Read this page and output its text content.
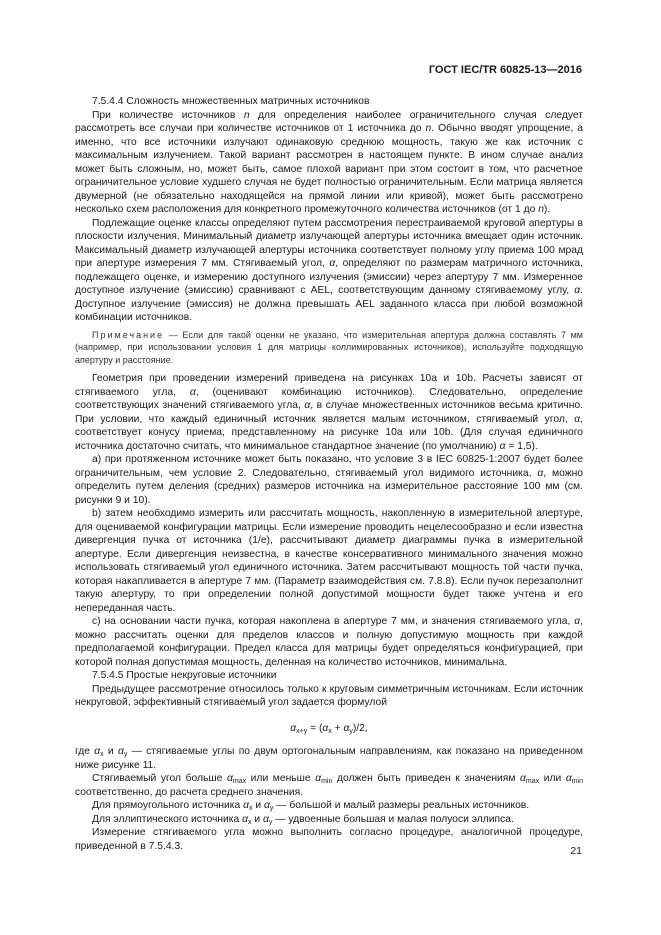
ГОСТ IEC/TR 60825-13—2016

7.5.4.4 Сложность множественных матричных источников

При количестве источников n для определения наиболее ограничительного случая следует рассмотреть все случаи при количестве источников от 1 источника до n. Обычно вводят упрощение, а именно, что все источники излучают одинаковую среднюю мощность, такую же как источник с максимальным излучением. Такой вариант рассмотрен в настоящем пункте. В ином случае анализ может быть сложным, но, может быть, самое плохой вариант при этом состоит в том, что расчетное ограничительное условие худшего случая не будет полностью ограничительным. Если матрица является двумерной (не обязательно находящейся на прямой линии или кривой), может быть рассмотрено несколько схем расположения для конкретного промежуточного количества источников (от 1 до n).

Подлежащие оценке классы определяют путем рассмотрения перестраиваемой круговой апертуры в плоскости излучения. Минимальный диаметр излучающей апертуры источника вмещает один источник. Максимальный диаметр излучающей апертуры источника соответствует полному углу приема 100 мрад при апертуре измерения 7 мм. Стягиваемый угол, α, определяют по размерам матричного источника, подлежащего оценке, и измерению доступного излучения (эмиссии) через апертуру 7 мм. Измеренное доступное излучение (эмиссию) сравнивают с AEL, соответствующим данному стягиваемому углу, α. Доступное излучение (эмиссия) не должна превышать AEL заданного класса при любой возможной комбинации источников.

Примечание — Если для такой оценки не указано, что измерительная апертура должна составлять 7 мм (например, при использовании условия 1 для матрицы коллимированных источников), используйте подходящую апертуру и расстояние.

Геометрия при проведении измерений приведена на рисунках 10a и 10b. Расчеты зависят от стягиваемого угла, α, (оценивают комбинацию источников). Следовательно, определение соответствующих значений стягиваемого угла, α, в случае множественных источников весьма критично. При условии, что каждый единичный источник является малым источником, стягиваемый угол, α, соответствует конусу приема, представленному на рисунке 10a или 10b. (Для случая единичного источника достаточно считать, что минимальное стандартное значение (по умолчанию) α = 1,5).

a) при протяженном источнике может быть показано, что условие 3 в IEC 60825-1:2007 будет более ограничительным, чем условие 2. Следовательно, стягиваемый угол видимого источника, α, можно определить путем деления (средних) размеров источника на измерительное расстояние 100 мм (см. рисунки 9 и 10).

b) затем необходимо измерить или рассчитать мощность, накопленную в измерительной апертуре, для оцениваемой конфигурации матрицы. Если измерение проводить нецелесообразно и если известна дивергенция пучка от источника (1/e), рассчитывают диаметр диаграммы пучка в измерительной апертуре. Если дивергенция неизвестна, в качестве консервативного минимального значения можно использовать стягиваемый угол единичного источника. Затем рассчитывают мощность той части пучка, которая накапливается в апертуре 7 мм. (Параметр взаимодействия см. 7.8.8). Если пучок перезаполнит такую апертуру, то при определении полной допустимой мощности будет также учтена и его непереданная часть.

c) на основании части пучка, которая накоплена в апертуре 7 мм, и значения стягиваемого угла, α, можно рассчитать оценки для пределов классов и полную допустимую мощность при каждой предполагаемой конфигурации. Предел класса для матрицы будет определяться конфигурацией, при которой полная допустимая мощность, деленная на количество источников, минимальна.

7.5.4.5 Простые некруговые источники

Предыдущее рассмотрение относилось только к круговым симметричным источникам. Если источник некруговой, эффективный стягиваемый угол задается формулой

$\alpha_{x+y} = (\alpha_x + \alpha_y)/2$,

где $\alpha_x$ и $\alpha_y$ — стягиваемые углы по двум ортогональным направлениям, как показано на приведенном ниже рисунке 11.

Стягиваемый угол больше $\alpha_{max}$ или меньше $\alpha_{min}$ должен быть приведен к значениям $\alpha_{max}$ или $\alpha_{min}$ соответственно, до расчета среднего значения.

Для прямоугольного источника $\alpha_x$ и $\alpha_y$ — большой и малый размеры реальных источников.

Для эллиптического источника $\alpha_x$ и $\alpha_y$ — удвоенные большая и малая полуоси эллипса.

Измерение стягиваемого угла можно выполнить согласно процедуре, аналогичной процедуре, приведенной в 7.5.4.3.	21
